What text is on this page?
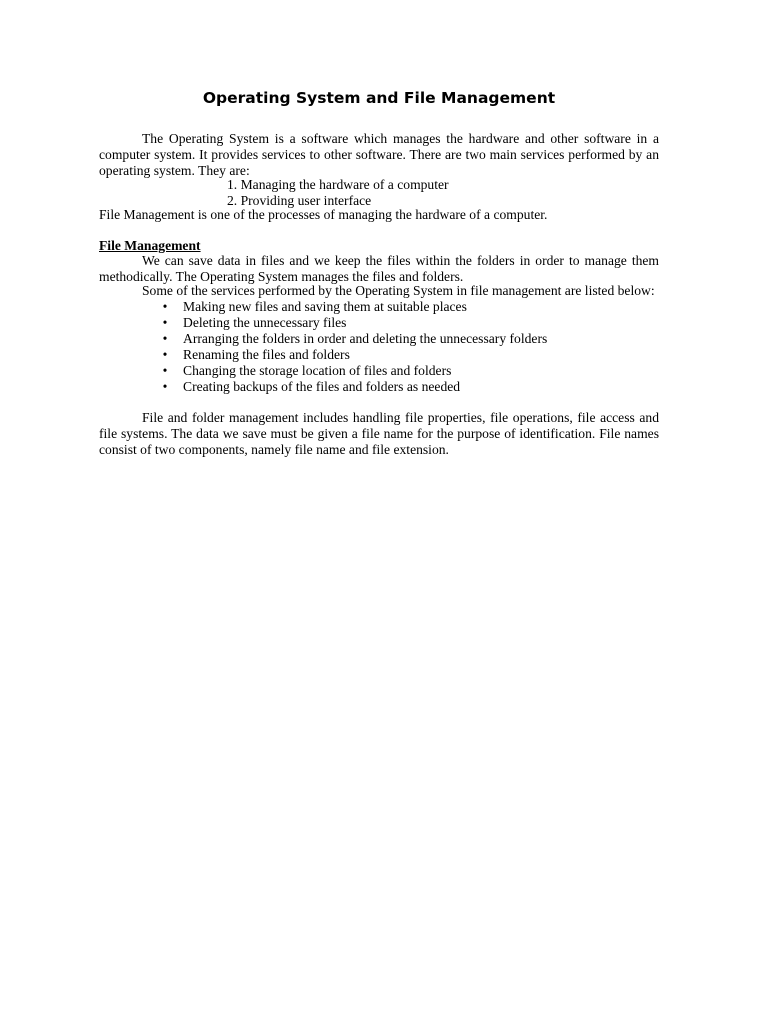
Operating System and File Management

The Operating System is a software which manages the hardware and other software in a computer system. It provides services to other software. There are two main services performed by an operating system. They are:

1. Managing the hardware of a computer
2. Providing user interface

File Management is one of the processes of managing the hardware of a computer.

File Management

We can save data in files and we keep the files within the folders in order to manage them methodically. The Operating System manages the files and folders.

Some of the services performed by the Operating System in file management are listed below:

• Making new files and saving them at suitable places
• Deleting the unnecessary files
• Arranging the folders in order and deleting the unnecessary folders
• Renaming the files and folders
• Changing the storage location of files and folders
• Creating backups of the files and folders as needed

File and folder management includes handling file properties, file operations, file access and file systems. The data we save must be given a file name for the purpose of identification. File names consist of two components, namely file name and file extension.
